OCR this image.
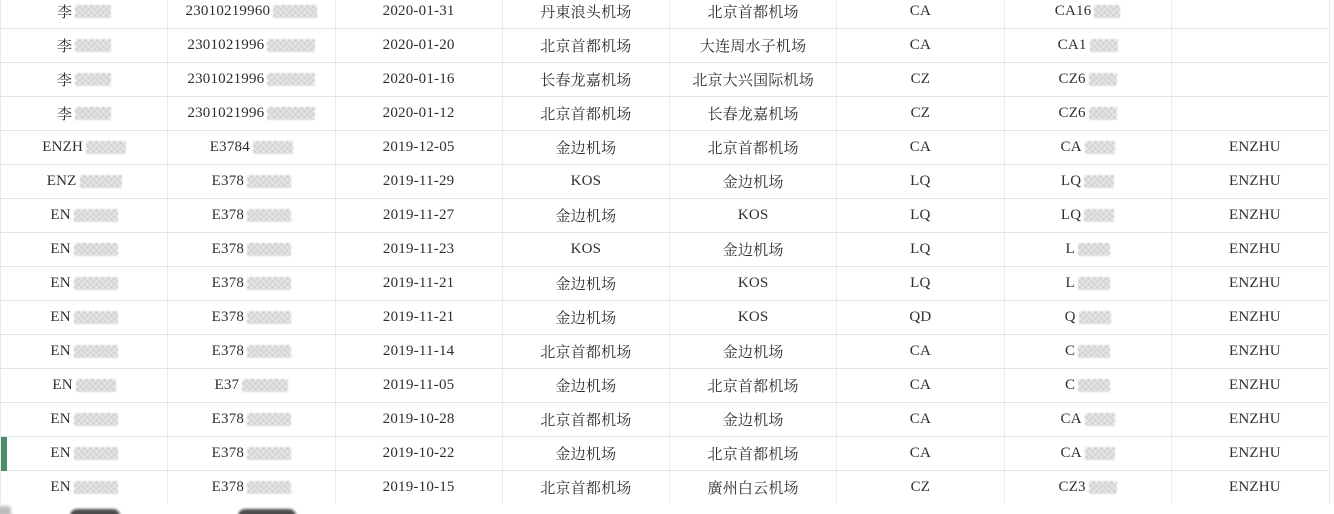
李	23010219960	2020-01-31	丹東浪头机场	北京首都机场	CA	CA16
李	2301021996	2020-01-20	北京首都机场	大连周水子机场	CA	CA1
李	2301021996	2020-01-16	长春龙嘉机场	北京大兴国际机场	CZ	CZ6
李	2301021996	2020-01-12	北京首都机场	长春龙嘉机场	CZ	CZ6
ENZH	E3784	2019-12-05	金边机场	北京首都机场	CA	CA	ENZHU
ENZ	E378	2019-11-29	KOS	金边机场	LQ	LQ	ENZHU
EN	E378	2019-11-27	金边机场	KOS	LQ	LQ	ENZHU
EN	E378	2019-11-23	KOS	金边机场	LQ	L	ENZHU
EN	E378	2019-11-21	金边机场	KOS	LQ	L	ENZHU
EN	E378	2019-11-21	金边机场	KOS	QD	Q	ENZHU
EN	E378	2019-11-14	北京首都机场	金边机场	CA	C	ENZHU
EN	E37	2019-11-05	金边机场	北京首都机场	CA	C	ENZHU
EN	E378	2019-10-28	北京首都机场	金边机场	CA	CA	ENZHU
EN	E378	2019-10-22	金边机场	北京首都机场	CA	CA	ENZHU
EN	E378	2019-10-15	北京首都机场	廣州白云机场	CZ	CZ3	ENZHU
